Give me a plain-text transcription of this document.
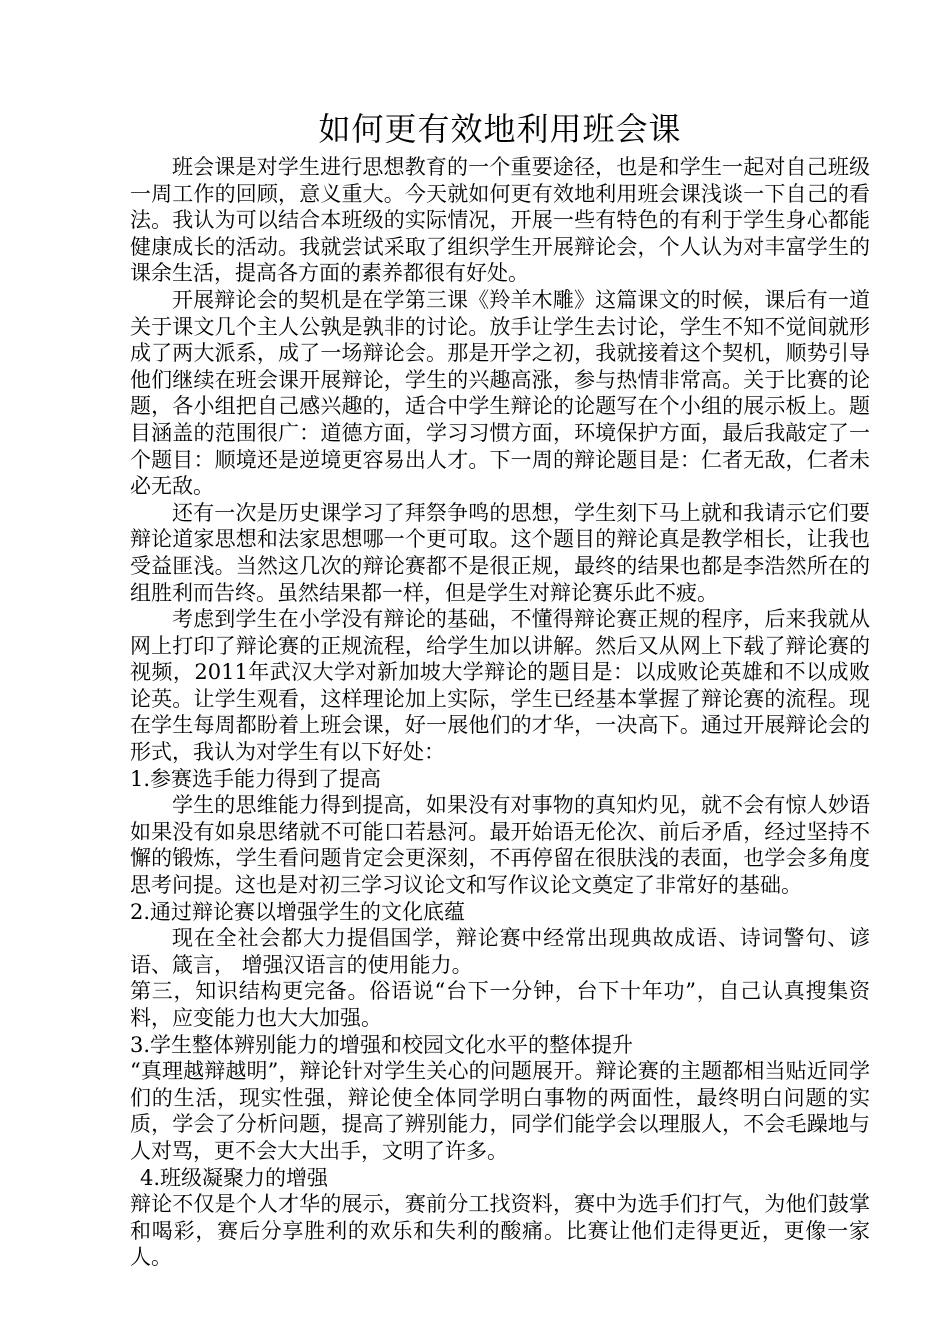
如何更有效地利用班会课

班会课是对学生进行思想教育的一个重要途径，也是和学生一起对自己班级一周工作的回顾，意义重大。今天就如何更有效地利用班会课浅谈一下自己的看法。我认为可以结合本班级的实际情况，开展一些有特色的有利于学生身心都能健康成长的活动。我就尝试采取了组织学生开展辩论会，个人认为对丰富学生的课余生活，提高各方面的素养都很有好处。

开展辩论会的契机是在学第三课《羚羊木雕》这篇课文的时候，课后有一道关于课文几个主人公孰是孰非的讨论。放手让学生去讨论，学生不知不觉间就形成了两大派系，成了一场辩论会。那是开学之初，我就接着这个契机，顺势引导他们继续在班会课开展辩论，学生的兴趣高涨，参与热情非常高。关于比赛的论题，各小组把自己感兴趣的，适合中学生辩论的论题写在个小组的展示板上。题目涵盖的范围很广：道德方面，学习习惯方面，环境保护方面，最后我敲定了一个题目：顺境还是逆境更容易出人才。下一周的辩论题目是：仁者无敌，仁者未必无敌。

还有一次是历史课学习了拜祭争鸣的思想，学生刻下马上就和我请示它们要辩论道家思想和法家思想哪一个更可取。这个题目的辩论真是教学相长，让我也受益匪浅。当然这几次的辩论赛都不是很正规，最终的结果也都是李浩然所在的组胜利而告终。虽然结果都一样，但是学生对辩论赛乐此不疲。

考虑到学生在小学没有辩论的基础，不懂得辩论赛正规的程序，后来我就从网上打印了辩论赛的正规流程，给学生加以讲解。然后又从网上下载了辩论赛的视频，2011年武汉大学对新加坡大学辩论的题目是：以成败论英雄和不以成败论英。让学生观看，这样理论加上实际，学生已经基本掌握了辩论赛的流程。现在学生每周都盼着上班会课，好一展他们的才华，一决高下。通过开展辩论会的形式，我认为对学生有以下好处：

1.参赛选手能力得到了提高

学生的思维能力得到提高，如果没有对事物的真知灼见，就不会有惊人妙语如果没有如泉思绪就不可能口若悬河。最开始语无伦次、前后矛盾，经过坚持不懈的锻炼，学生看问题肯定会更深刻，不再停留在很肤浅的表面，也学会多角度思考问提。这也是对初三学习议论文和写作议论文奠定了非常好的基础。

2.通过辩论赛以增强学生的文化底蕴

现在全社会都大力提倡国学，辩论赛中经常出现典故成语、诗词警句、谚语、箴言， 增强汉语言的使用能力。

第三，知识结构更完备。俗语说“台下一分钟，台下十年功”，自己认真搜集资料，应变能力也大大加强。

3.学生整体辨别能力的增强和校园文化水平的整体提升

“真理越辩越明”，辩论针对学生关心的问题展开。辩论赛的主题都相当贴近同学们的生活，现实性强，辩论使全体同学明白事物的两面性，最终明白问题的实质，学会了分析问题，提高了辨别能力，同学们能学会以理服人，不会毛躁地与人对骂，更不会大大出手，文明了许多。

4.班级凝聚力的增强

辩论不仅是个人才华的展示，赛前分工找资料，赛中为选手们打气，为他们鼓掌和喝彩，赛后分享胜利的欢乐和失利的酸痛。比赛让他们走得更近，更像一家人。
